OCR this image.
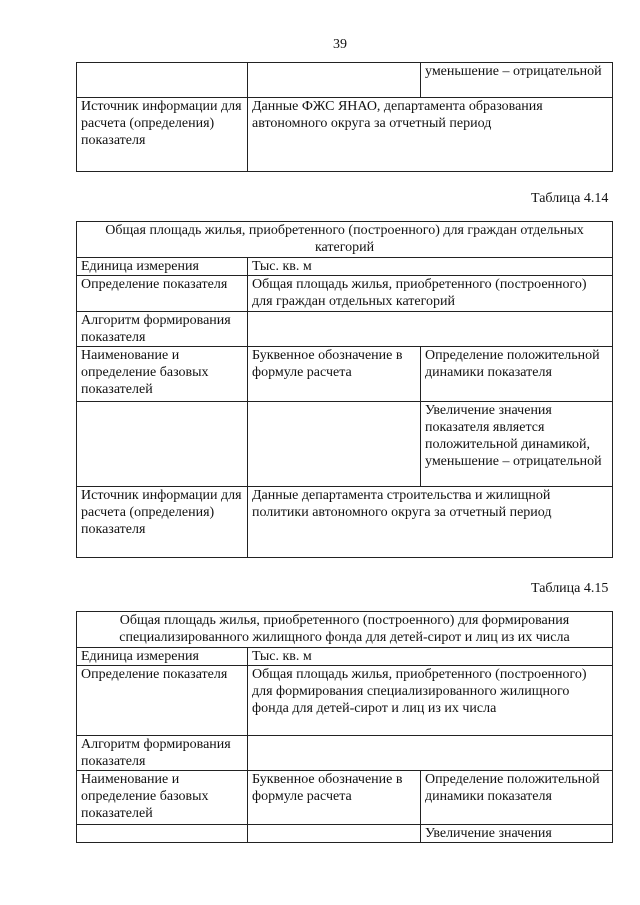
39
		уменьшение – отрицательной
Источник информации для расчета (определения) показателя	Данные ФЖС ЯНАО, департамента образования автономного округа за отчетный период	
Таблица 4.14
Общая площадь жилья, приобретенного (построенного) для граждан отдельных категорий		
Единица измерения	Тыс. кв. м	
Определение показателя	Общая площадь жилья, приобретенного (построенного) для граждан отдельных категорий	
Алгоритм формирования показателя		
Наименование и определение базовых показателей	Буквенное обозначение в формуле расчета	Определение положительной динамики показателя
		Увеличение значения показателя является положительной динамикой, уменьшение – отрицательной
Источник информации для расчета (определения) показателя	Данные департамента строительства и жилищной политики автономного округа за отчетный период	
Таблица 4.15
Общая площадь жилья, приобретенного (построенного) для формирования специализированного жилищного фонда для детей-сирот и лиц из их числа		
Единица измерения	Тыс. кв. м	
Определение показателя	Общая площадь жилья, приобретенного (построенного) для формирования специализированного жилищного фонда для детей-сирот и лиц из их числа	
Алгоритм формирования показателя		
Наименование и определение базовых показателей	Буквенное обозначение в формуле расчета	Определение положительной динамики показателя
		Увеличение значения
